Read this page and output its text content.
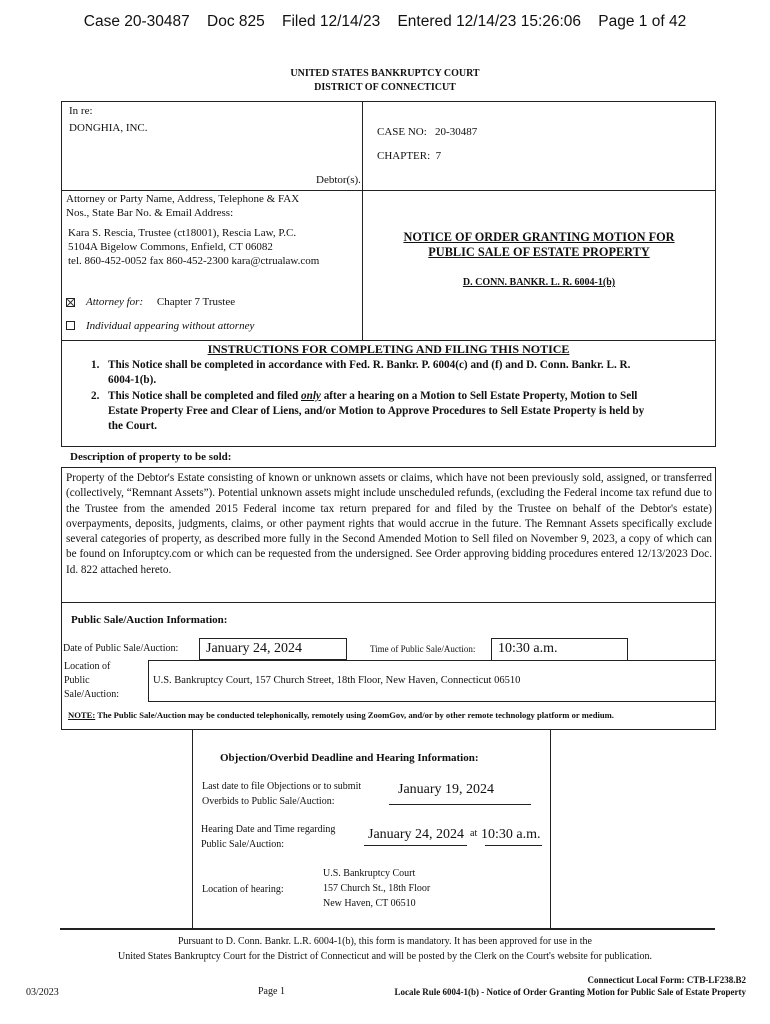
Case 20-30487 Doc 825 Filed 12/14/23 Entered 12/14/23 15:26:06 Page 1 of 42
UNITED STATES BANKRUPTCY COURT
DISTRICT OF CONNECTICUT
In re:
DONGHIA, INC.
Debtor(s).
CASE NO:   20-30487
CHAPTER:  7
Attorney or Party Name, Address, Telephone & FAX
Nos., State Bar No. & Email Address:
Kara S. Rescia, Trustee (ct18001), Rescia Law, P.C.
5104A Bigelow Commons, Enfield, CT 06082
tel. 860-452-0052 fax 860-452-2300 kara@ctrualaw.com
Attorney for: Chapter 7 Trustee
Individual appearing without attorney
NOTICE OF ORDER GRANTING MOTION FOR
PUBLIC SALE OF ESTATE PROPERTY
D. CONN. BANKR. L. R. 6004-1(b)
INSTRUCTIONS FOR COMPLETING AND FILING THIS NOTICE
1. This Notice shall be completed in accordance with Fed. R. Bankr. P. 6004(c) and (f) and D. Conn. Bankr. L. R.
6004-1(b).
2. This Notice shall be completed and filed only after a hearing on a Motion to Sell Estate Property, Motion to Sell
Estate Property Free and Clear of Liens, and/or Motion to Approve Procedures to Sell Estate Property is held by
the Court.
Description of property to be sold:
Property of the Debtor's Estate consisting of known or unknown assets or claims, which have not been previously sold, assigned, or transferred (collectively, “Remnant Assets”). Potential unknown assets might include unscheduled refunds, (excluding the Federal income tax refund due to the Trustee from the amended 2015 Federal income tax return prepared for and filed by the Trustee on behalf of the Debtor's estate) overpayments, deposits, judgments, claims, or other payment rights that would accrue in the future. The Remnant Assets specifically exclude several categories of property, as described more fully in the Second Amended Motion to Sell filed on November 9, 2023, a copy of which can be found on Inforuptcy.com or which can be requested from the undersigned. See Order approving bidding procedures entered 12/13/2023 Doc. Id. 822 attached hereto.
Public Sale/Auction Information:
Date of Public Sale/Auction:	January 24, 2024	Time of Public Sale/Auction:	10:30 a.m.
Location of
Public
Sale/Auction:
U.S. Bankruptcy Court, 157 Church Street, 18th Floor, New Haven, Connecticut 06510
NOTE: The Public Sale/Auction may be conducted telephonically, remotely using ZoomGov, and/or by other remote technology platform or medium.
Objection/Overbid Deadline and Hearing Information:
Last date to file Objections or to submit
Overbids to Public Sale/Auction:
January 19, 2024
Hearing Date and Time regarding
Public Sale/Auction:
January 24, 2024 at 10:30 a.m.
Location of hearing:
U.S. Bankruptcy Court
157 Church St., 18th Floor
New Haven, CT 06510
Pursuant to D. Conn. Bankr. L.R. 6004-1(b), this form is mandatory. It has been approved for use in the
United States Bankruptcy Court for the District of Connecticut and will be posted by the Clerk on the Court's website for publication.
Connecticut Local Form: CTB-LF238.B2
Locale Rule 6004-1(b) - Notice of Order Granting Motion for Public Sale of Estate Property
03/2023	Page 1
